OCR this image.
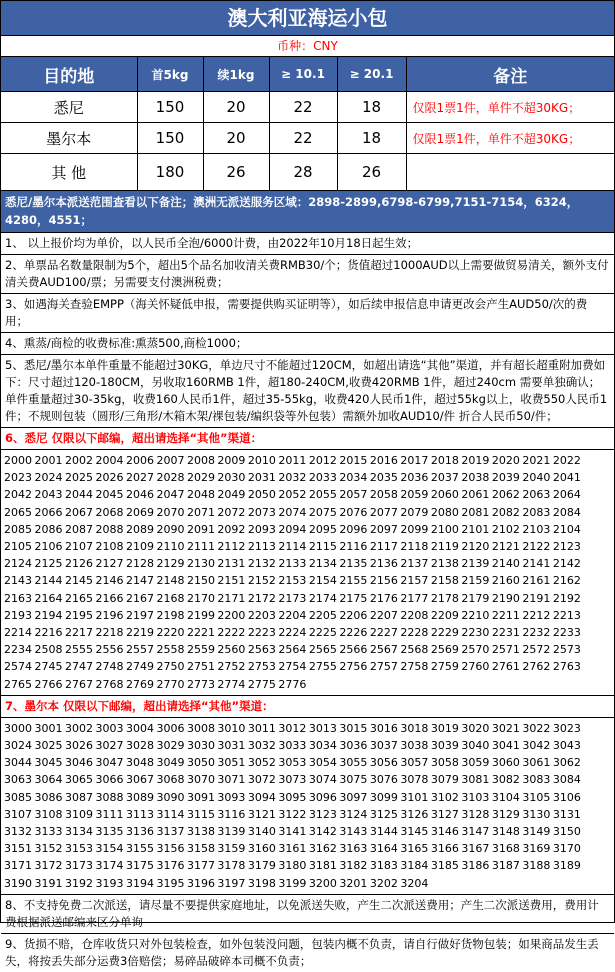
澳大利亚海运小包
币种：CNY
目的地	首5kg	续1kg	≥ 10.1	≥ 20.1	备注
悉尼	150	20	22	18	仅限1票1件，单件不超30KG；
墨尔本	150	20	22	18	仅限1票1件，单件不超30KG；
其 他	180	26	28	26	
悉尼/墨尔本派送范围查看以下备注；澳洲无派送服务区域：2898-2899,6798-6799,7151-7154，6324，4280，4551；
1、 以上报价均为单价，以人民币全泡/6000计费，由2022年10月18日起生效；
2、单票品名数量限制为5个，超出5个品名加收清关费RMB30/个；货值超过1000AUD以上需要做贸易清关，额外支付清关费AUD100/票；另需要支付澳洲税费；
3、如遇海关查验EMPP（海关怀疑低申报，需要提供购买证明等），如后续申报信息申请更改会产生AUD50/次的费用；
4、熏蒸/商检的收费标准:熏蒸500,商检1000；
5、悉尼/墨尔本单件重量不能超过30KG，单边尺寸不能超过120CM，如超出请选“其他”渠道，并有超长超重附加费如下：尺寸超过120-180CM，另收取160RMB 1件，超180-240CM,收费420RMB 1件，超过240cm 需要单独确认；单件重量超过30-35kg，收费160人民币1件，超过35-55kg，收费420人民币1件，超过55kg以上，收费550人民币1件；不规则包装（圆形/三角形/木箱木架/裸包装/编织袋等外包装）需额外加收AUD10/件 折合人民币50/件；
6、悉尼 仅限以下邮编，超出请选择“其他”渠道：
2000 2001 2002 2004 2006 2007 2008 2009 2010 2011 2012 2015 2016 2017 2018 2019 2020 2021 2022 2023 2024 2025 2026 2027 2028 2029 2030 2031 2032 2033 2034 2035 2036 2037 2038 2039 2040 2041 2042 2043 2044 2045 2046 2047 2048 2049 2050 2052 2055 2057 2058 2059 2060 2061 2062 2063 2064 2065 2066 2067 2068 2069 2070 2071 2072 2073 2074 2075 2076 2077 2079 2080 2081 2082 2083 2084 2085 2086 2087 2088 2089 2090 2091 2092 2093 2094 2095 2096 2097 2099 2100 2101 2102 2103 2104 2105 2106 2107 2108 2109 2110 2111 2112 2113 2114 2115 2116 2117 2118 2119 2120 2121 2122 2123 2124 2125 2126 2127 2128 2129 2130 2131 2132 2133 2134 2135 2136 2137 2138 2139 2140 2141 2142 2143 2144 2145 2146 2147 2148 2150 2151 2152 2153 2154 2155 2156 2157 2158 2159 2160 2161 2162 2163 2164 2165 2166 2167 2168 2170 2171 2172 2173 2174 2175 2176 2177 2178 2179 2190 2191 2192 2193 2194 2195 2196 2197 2198 2199 2200 2203 2204 2205 2206 2207 2208 2209 2210 2211 2212 2213 2214 2216 2217 2218 2219 2220 2221 2222 2223 2224 2225 2226 2227 2228 2229 2230 2231 2232 2233 2234 2508 2555 2556 2557 2558 2559 2560 2563 2564 2565 2566 2567 2568 2569 2570 2571 2572 2573 2574 2745 2747 2748 2749 2750 2751 2752 2753 2754 2755 2756 2757 2758 2759 2760 2761 2762 2763 2765 2766 2767 2768 2769 2770 2773 2774 2775 2776
7、墨尔本 仅限以下邮编，超出请选择“其他”渠道：
3000 3001 3002 3003 3004 3006 3008 3010 3011 3012 3013 3015 3016 3018 3019 3020 3021 3022 3023 3024 3025 3026 3027 3028 3029 3030 3031 3032 3033 3034 3036 3037 3038 3039 3040 3041 3042 3043 3044 3045 3046 3047 3048 3049 3050 3051 3052 3053 3054 3055 3056 3057 3058 3059 3060 3061 3062 3063 3064 3065 3066 3067 3068 3070 3071 3072 3073 3074 3075 3076 3078 3079 3081 3082 3083 3084 3085 3086 3087 3088 3089 3090 3091 3093 3094 3095 3096 3097 3099 3101 3102 3103 3104 3105 3106 3107 3108 3109 3111 3113 3114 3115 3116 3121 3122 3123 3124 3125 3126 3127 3128 3129 3130 3131 3132 3133 3134 3135 3136 3137 3138 3139 3140 3141 3142 3143 3144 3145 3146 3147 3148 3149 3150 3151 3152 3153 3154 3155 3156 3158 3159 3160 3161 3162 3163 3164 3165 3166 3167 3168 3169 3170 3171 3172 3173 3174 3175 3176 3177 3178 3179 3180 3181 3182 3183 3184 3185 3186 3187 3188 3189 3190 3191 3192 3193 3194 3195 3196 3197 3198 3199 3200 3201 3202 3204
8、不支持免费二次派送，请尽量不要提供家庭地址，以免派送失败，产生二次派送费用；产生二次派送费用，费用计费根据派送邮编来区分单询
9、货损不赔，仓库收货只对外包装检查，如外包装没问题，包装内概不负责，请自行做好货物包装；如果商品发生丢失，将按丢失部分运费3倍赔偿；易碎品破碎本司概不负责；
